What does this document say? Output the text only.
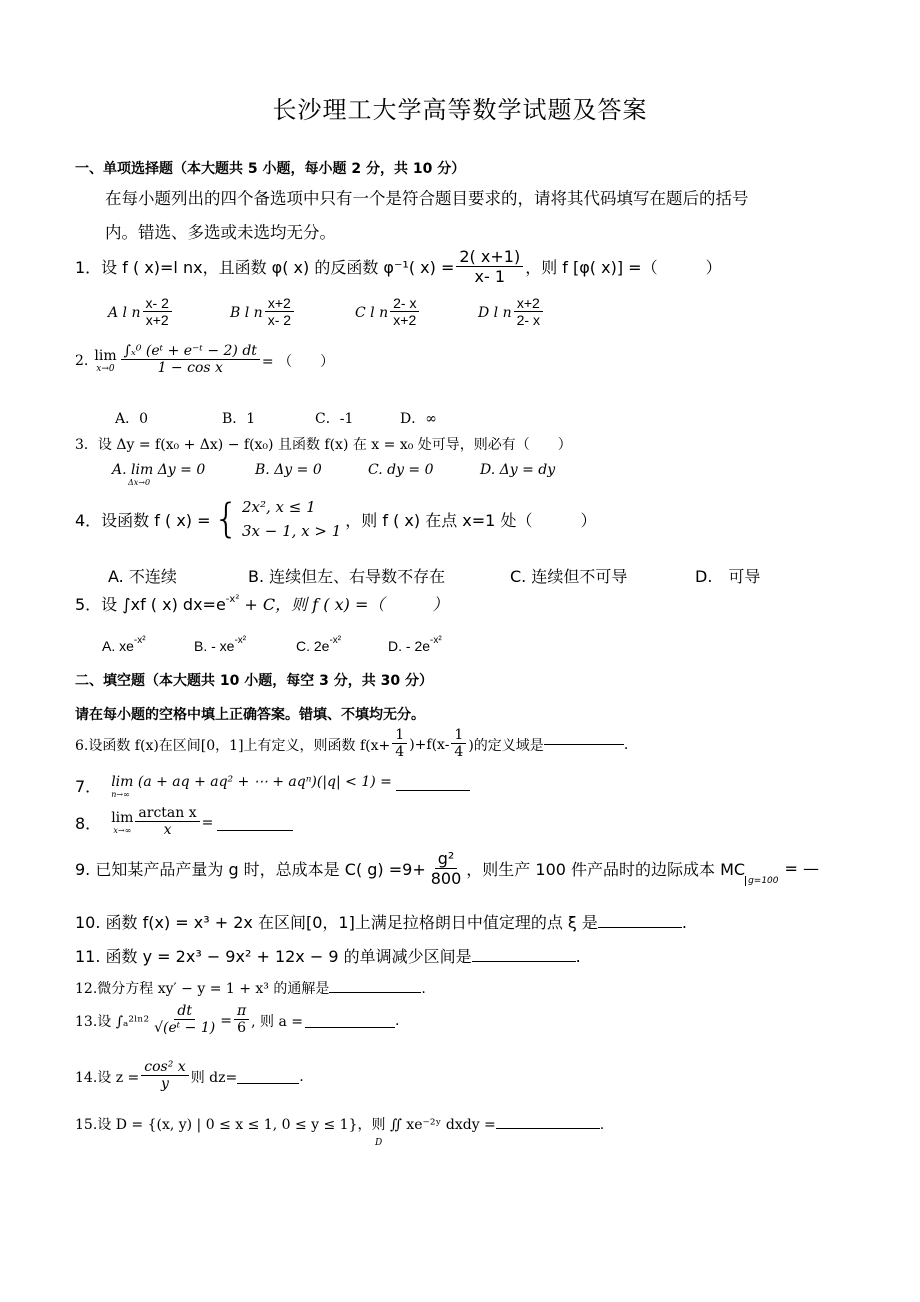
长沙理工大学高等数学试题及答案
一、单项选择题（本大题共 5 小题，每小题 2 分，共 10 分）
在每小题列出的四个备选项中只有一个是符合题目要求的，请将其代码填写在题后的括号
内。错选、多选或未选均无分。
1．设 f ( x)=l nx，且函数 φ( x) 的反函数 φ⁻¹( $x) = \frac{2( x+1)}{x- 1}$ ，则 f [φ( x)] =（　　　）
A l n $\frac{x- 2}{x+2}$	B l n $\frac{x+2}{x- 2}$	C l n $\frac{2- x}{x+2}$	D l n $\frac{x+2}{2- x}$
2. lim
$x\to 0 \frac{\text{∫ₓ⁰ (eᵗ + e⁻ᵗ − 2) dt}}{\text{1 − cos x}}$ = （　　）
A．0	B．1	C．-1	D．∞
3．设 Δy = f(x₀ + Δx) − f(x₀) 且函数 f(x) 在 x = x₀ 处可导，则必有（　　）
A. lim Δy = 0
Δx→0
B. Δy = 0	C. dy = 0	D. Δy = dy
4．设函数 f ( x) = { 2x², x ≤ 1
3x − 1, x > 1
，则 f ( x) 在点 x=1 处（　　　）
A. 不连续	B. 连续但左、右导数不存在	C. 连续但不可导	D.　可导
5．设 ∫xf ( x) $dx=e^{-x^2} + C$，则 f ( x) =（　　　）
A. $xe^{-x^2}$	B. - $xe^{-x^2}$	C. $2e^{-x^2}$	D. - $2e^{-x^2}$
二、填空题（本大题共 10 小题，每空 3 分，共 30 分）
请在每小题的空格中填上正确答案。错填、不填均无分。
6.设函数 f(x)在区间[0，1]上有定义，则函数 $f(x+ \frac{1}{4} )+f(x- \frac{1}{4}$ )的定义域是	.
7． lim (a + aq + aq² + ⋯ + aqⁿ)(|q| < 1) =
n→∞
8． lim
$x\to\infty \frac{\text{arctan x}}{x}$ =
9. 已知某产品产量为 g 时，总成本是 C( $g) =9+ \frac{\text{g²}}{800}$ ，则生产 100 件产品时的边际成本 MC
g=100
= —
10. 函数 f(x) = x³ + 2x 在区间[0，1]上满足拉格朗日中值定理的点 ξ 是	.
11. 函数 y = 2x³ − 9x² + 12x − 9 的单调减少区间是	.
12.微分方程 xy′ − y = 1 + x³ 的通解是	.
13.设 ∫ₐ²ˡⁿ² $\frac{dt}{\text{√(eᵗ − 1)}} = \frac{\pi}{6}$ , 则 a =	.
14.设 $z = \frac{\text{cos² x}}{y}$ 则 dz=	.
15.设 D = {(x, y) | 0 ≤ x ≤ 1, 0 ≤ y ≤ 1}，则 ∬ xe⁻²ʸ dxdy =	.
D
